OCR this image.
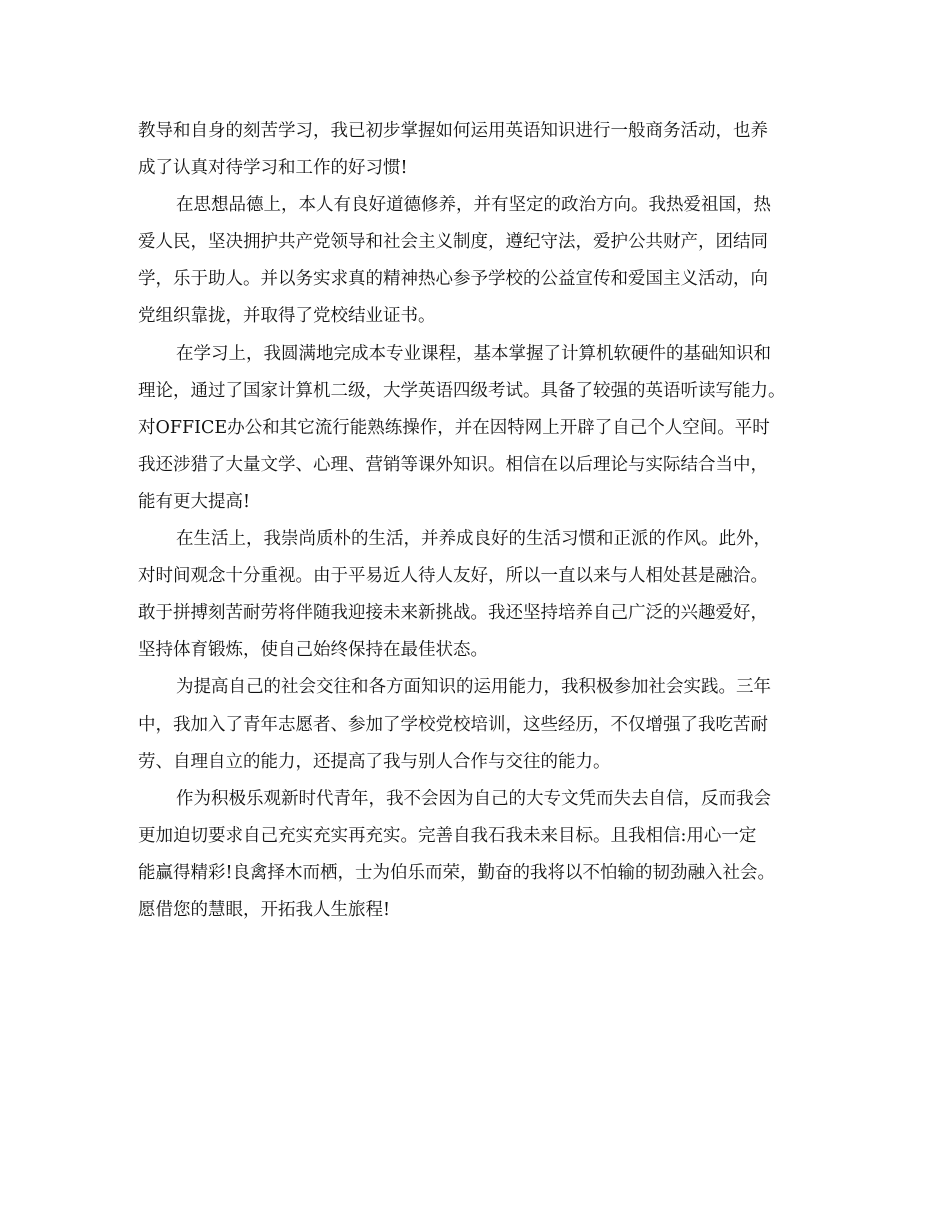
教导和自身的刻苦学习，我已初步掌握如何运用英语知识进行一般商务活动，也养
成了认真对待学习和工作的好习惯!

在思想品德上，本人有良好道德修养，并有坚定的政治方向。我热爱祖国，热
爱人民，坚决拥护共产党领导和社会主义制度，遵纪守法，爱护公共财产，团结同
学，乐于助人。并以务实求真的精神热心参予学校的公益宣传和爱国主义活动，向
党组织靠拢，并取得了党校结业证书。

在学习上，我圆满地完成本专业课程，基本掌握了计算机软硬件的基础知识和
理论，通过了国家计算机二级，大学英语四级考试。具备了较强的英语听读写能力。
对OFFICE办公和其它流行能熟练操作，并在因特网上开辟了自己个人空间。平时
我还涉猎了大量文学、心理、营销等课外知识。相信在以后理论与实际结合当中，
能有更大提高!

在生活上，我崇尚质朴的生活，并养成良好的生活习惯和正派的作风。此外，
对时间观念十分重视。由于平易近人待人友好，所以一直以来与人相处甚是融洽。
敢于拼搏刻苦耐劳将伴随我迎接未来新挑战。我还坚持培养自己广泛的兴趣爱好，
坚持体育锻炼，使自己始终保持在最佳状态。

为提高自己的社会交往和各方面知识的运用能力，我积极参加社会实践。三年
中，我加入了青年志愿者、参加了学校党校培训，这些经历，不仅增强了我吃苦耐
劳、自理自立的能力，还提高了我与别人合作与交往的能力。

作为积极乐观新时代青年，我不会因为自己的大专文凭而失去自信，反而我会
更加迫切要求自己充实充实再充实。完善自我石我未来目标。且我相信:用心一定
能赢得精彩!良禽择木而栖，士为伯乐而荣，勤奋的我将以不怕输的韧劲融入社会。
愿借您的慧眼，开拓我人生旅程!
